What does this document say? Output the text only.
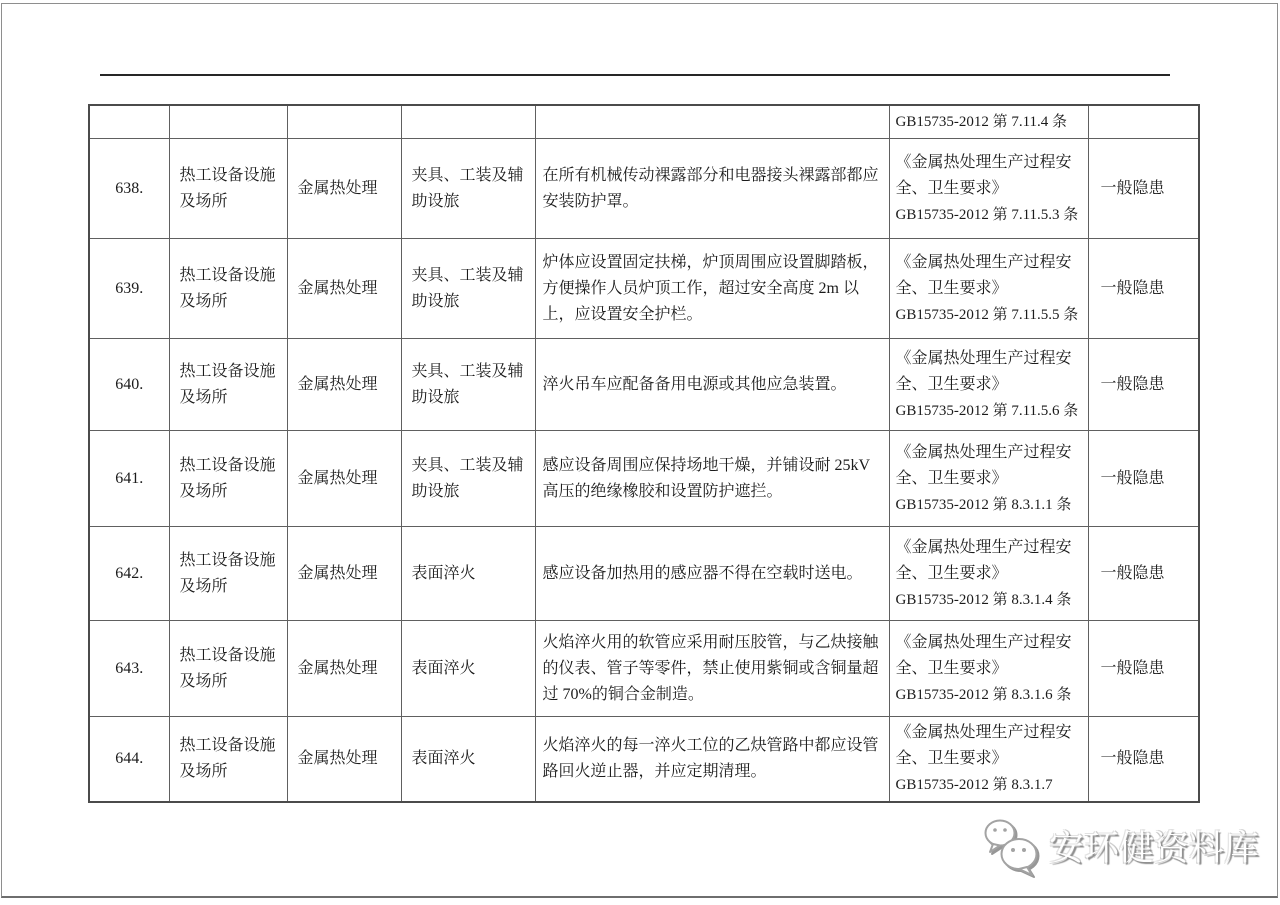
					GB15735-2012 第 7.11.4 条	

638.	热工设备设施及场所	金属热处理	夹具、工装及辅助设旅	在所有机械传动裸露部分和电器接头裸露部都应安装防护罩。	《金属热处理生产过程安全、卫生要求》
GB15735-2012 第 7.11.5.3 条	一般隐患
639.	热工设备设施及场所	金属热处理	夹具、工装及辅助设旅	炉体应设置固定扶梯，炉顶周围应设置脚踏板，方便操作人员炉顶工作，超过安全高度 2m 以上，应设置安全护栏。	《金属热处理生产过程安全、卫生要求》
GB15735-2012 第 7.11.5.5 条	一般隐患
640.	热工设备设施及场所	金属热处理	夹具、工装及辅助设旅	淬火吊车应配备备用电源或其他应急装置。	《金属热处理生产过程安全、卫生要求》
GB15735-2012 第 7.11.5.6 条	一般隐患
641.	热工设备设施及场所	金属热处理	夹具、工装及辅助设旅	感应设备周围应保持场地干燥，并铺设耐 25kV 高压的绝缘橡胶和设置防护遮拦。	《金属热处理生产过程安全、卫生要求》
GB15735-2012 第 8.3.1.1 条	一般隐患
642.	热工设备设施及场所	金属热处理	表面淬火	感应设备加热用的感应器不得在空载时送电。	《金属热处理生产过程安全、卫生要求》
GB15735-2012 第 8.3.1.4 条	一般隐患
643.	热工设备设施及场所	金属热处理	表面淬火	火焰淬火用的软管应采用耐压胶管，与乙炔接触的仪表、管子等零件，禁止使用紫铜或含铜量超过 70%的铜合金制造。	《金属热处理生产过程安全、卫生要求》
GB15735-2012 第 8.3.1.6 条	一般隐患
644.	热工设备设施及场所	金属热处理	表面淬火	火焰淬火的每一淬火工位的乙炔管路中都应设管路回火逆止器，并应定期清理。	《金属热处理生产过程安全、卫生要求》
GB15735-2012 第 8.3.1.7	一般隐患
安环健资料库
